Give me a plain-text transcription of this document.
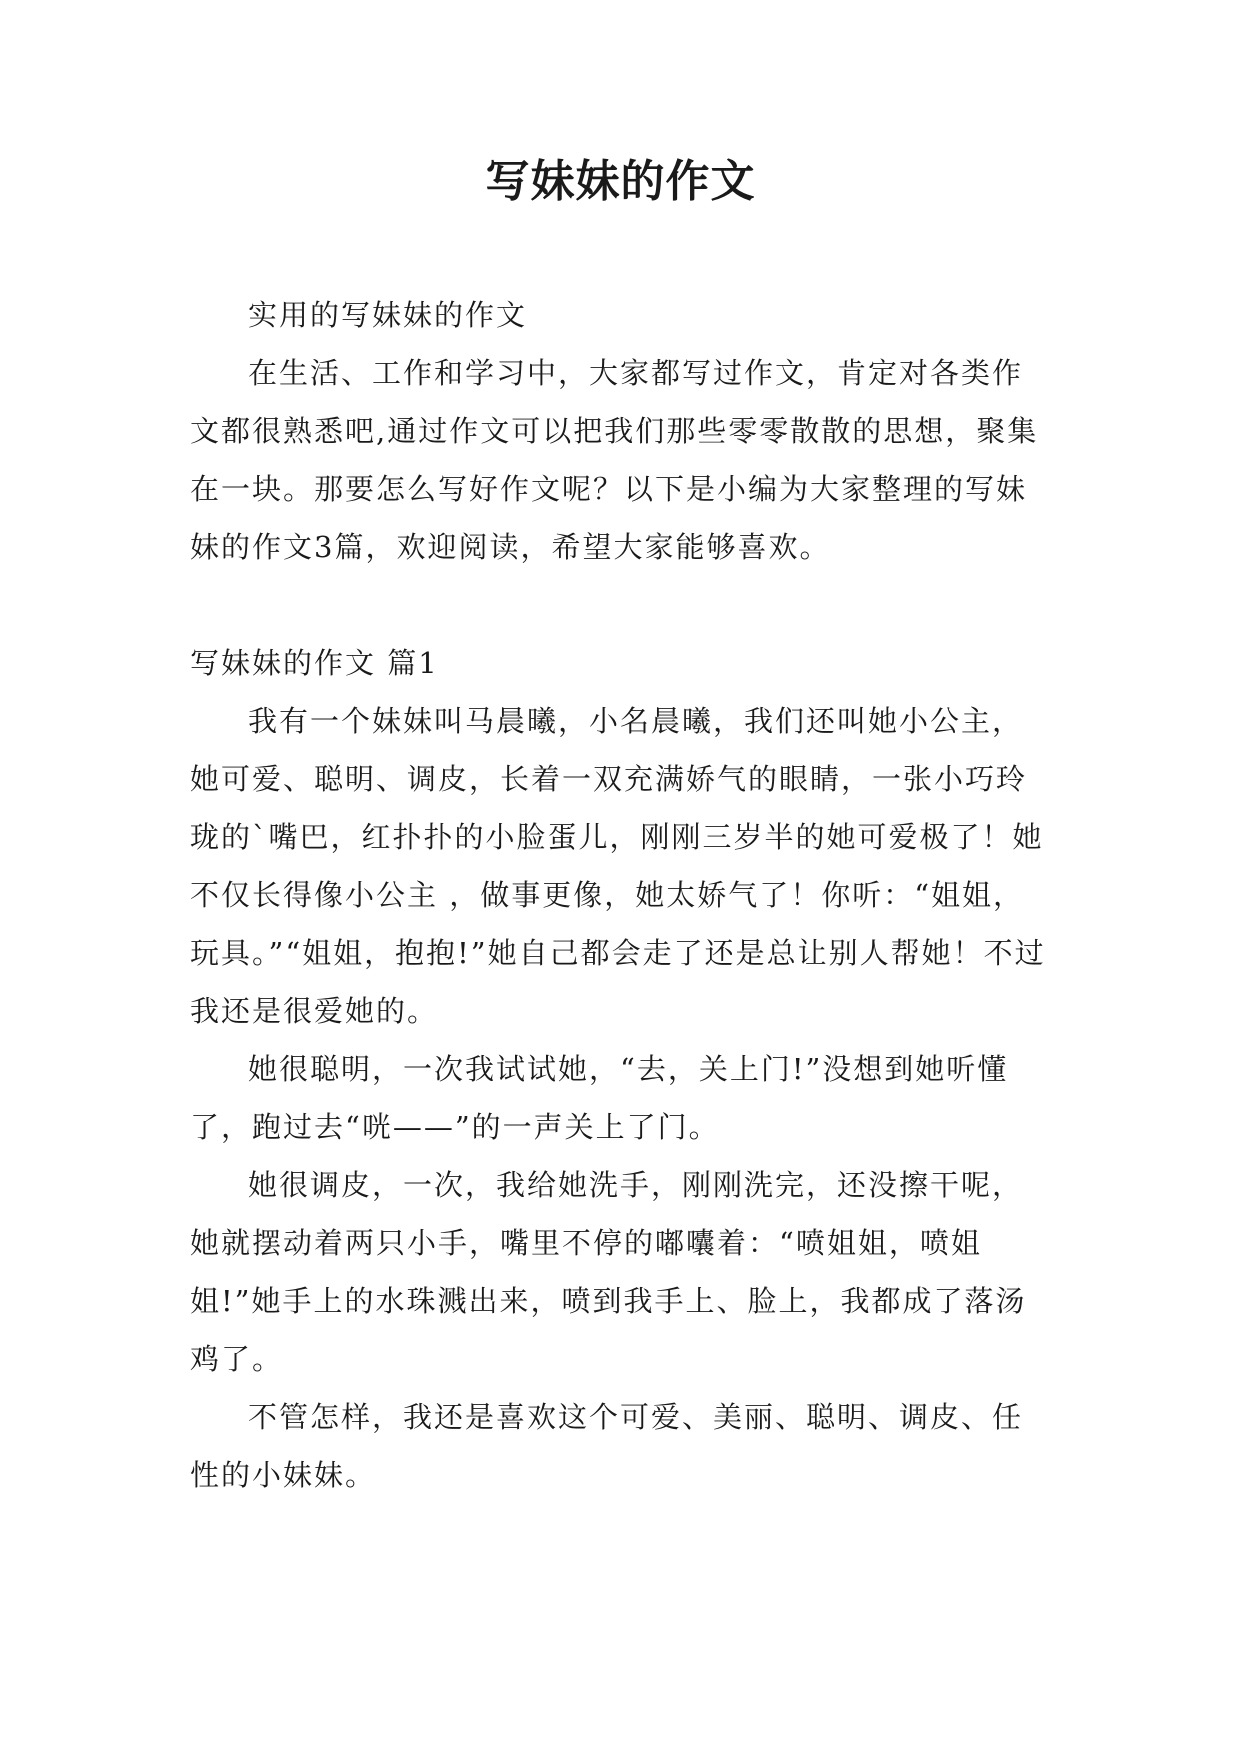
写妹妹的作文

实用的写妹妹的作文

在生活、工作和学习中，大家都写过作文，肯定对各类作文都很熟悉吧,通过作文可以把我们那些零零散散的思想，聚集在一块。那要怎么写好作文呢？以下是小编为大家整理的写妹妹的作文3篇，欢迎阅读，希望大家能够喜欢。

写妹妹的作文 篇1

我有一个妹妹叫马晨曦，小名晨曦，我们还叫她小公主，她可爱、聪明、调皮，长着一双充满娇气的眼睛，一张小巧玲珑的`嘴巴，红扑扑的小脸蛋儿，刚刚三岁半的她可爱极了！她不仅长得像小公主 ，做事更像，她太娇气了！你听：“姐姐，玩具。”“姐姐，抱抱!”她自己都会走了还是总让别人帮她！不过我还是很爱她的。

她很聪明，一次我试试她，“去，关上门!”没想到她听懂了，跑过去“咣——”的一声关上了门。

她很调皮，一次，我给她洗手，刚刚洗完，还没擦干呢，她就摆动着两只小手，嘴里不停的嘟囔着：“喷姐姐，喷姐姐!”她手上的水珠溅出来，喷到我手上、脸上，我都成了落汤鸡了。

不管怎样，我还是喜欢这个可爱、美丽、聪明、调皮、任性的小妹妹。
